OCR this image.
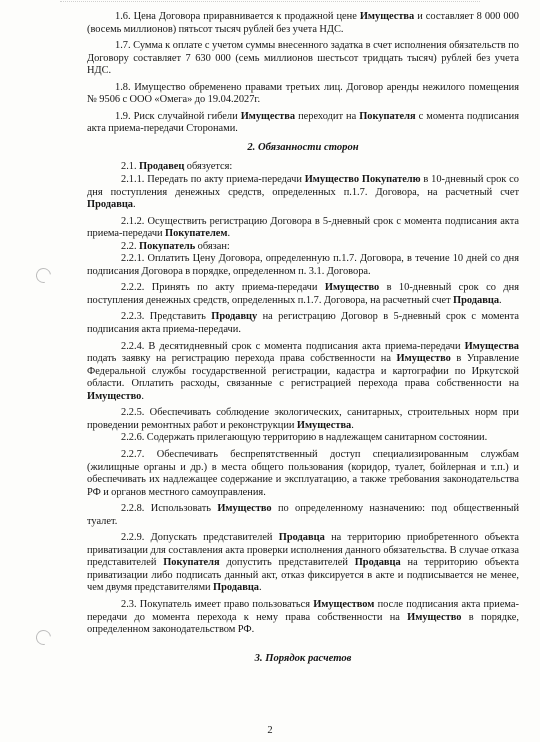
1.6. Цена Договора приравнивается к продажной цене Имущества и составляет 8 000 000 (восемь миллионов) пятьсот тысяч рублей без учета НДС.

1.7. Сумма к оплате с учетом суммы внесенного задатка в счет исполнения обязательств по Договору составляет 7 630 000 (семь миллионов шестьсот тридцать тысяч) рублей без учета НДС.

1.8. Имущество обременено правами третьих лиц. Договор аренды нежилого помещения № 9506 с ООО «Омега» до 19.04.2027г.

1.9. Риск случайной гибели Имущества переходит на Покупателя с момента подписания акта приема-передачи Сторонами.

2. Обязанности сторон

2.1. Продавец обязуется:

2.1.1. Передать по акту приема-передачи Имущество Покупателю в 10-дневный срок со дня поступления денежных средств, определенных п.1.7. Договора, на расчетный счет Продавца.

2.1.2. Осуществить регистрацию Договора в 5-дневный срок с момента подписания акта приема-передачи Покупателем.

2.2. Покупатель обязан:

2.2.1. Оплатить Цену Договора, определенную п.1.7. Договора, в течение 10 дней со дня подписания Договора в порядке, определенном п. 3.1. Договора.

2.2.2. Принять по акту приема-передачи Имущество в 10-дневный срок со дня поступления денежных средств, определенных п.1.7. Договора, на расчетный счет Продавца.

2.2.3. Представить Продавцу на регистрацию Договор в 5-дневный срок с момента подписания акта приема-передачи.

2.2.4. В десятидневный срок с момента подписания акта приема-передачи Имущества подать заявку на регистрацию перехода права собственности на Имущество в Управление Федеральной службы государственной регистрации, кадастра и картографии по Иркутской области. Оплатить расходы, связанные с регистрацией перехода права собственности на Имущество.

2.2.5. Обеспечивать соблюдение экологических, санитарных, строительных норм при проведении ремонтных работ и реконструкции Имущества.

2.2.6. Содержать прилегающую территорию в надлежащем санитарном состоянии.

2.2.7. Обеспечивать беспрепятственный доступ специализированным службам (жилищные органы и др.) в места общего пользования (коридор, туалет, бойлерная и т.п.) и обеспечивать их надлежащее содержание и эксплуатацию, а также требования законодательства РФ и органов местного самоуправления.

2.2.8. Использовать Имущество по определенному назначению: под общественный туалет.

2.2.9. Допускать представителей Продавца на территорию приобретенного объекта приватизации для составления акта проверки исполнения данного обязательства. В случае отказа представителей Покупателя допустить представителей Продавца на территорию объекта приватизации либо подписать данный акт, отказ фиксируется в акте и подписывается не менее, чем двумя представителями Продавца.

2.3. Покупатель имеет право пользоваться Имуществом после подписания акта приема-передачи до момента перехода к нему права собственности на Имущество в порядке, определенном законодательством РФ.

3. Порядок расчетов
2
